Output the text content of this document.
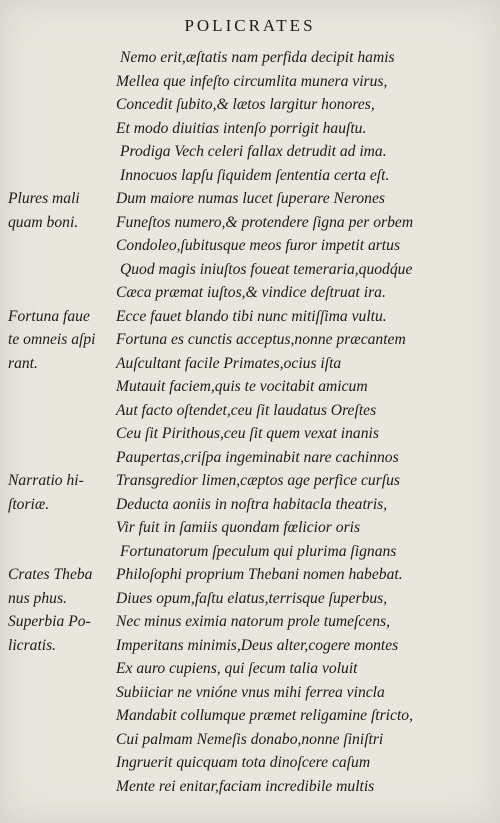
POLICRATES
Nemo erit,æſtatis nam perfida decipit hamis
Mellea que infeſto circumlita munera virus,
Concedit ſubito,& lætos largitur honores,
Et modo diuitias intenſo porrigit hauſtu.
Prodiga Vech celeri fallax detrudit ad ima.
Innocuos lapſu ſiquidem ſententia certa eſt.
Plures mali Dum maiore numas lucet ſuperare Nerones
quam boni. Funeſtos numero,& protendere ſigna per orbem
Condoleo,ſubitusque meos furor impetit artus
Quod magis iniuſtos foueat temeraria,quodq́ue
Cæca præmat iuſtos,& vindice deſtruat ira.
Fortuna faue Ecce fauet blando tibi nunc mitiſſima vultu.
te omneis aſpi Fortuna es cunctis acceptus,nonne præcantem
rant.	Auſcultant facile Primates,ocius iſta
Mutauit faciem,quis te vocitabit amicum
Aut facto oſtendet,ceu ſit laudatus Oreſtes
Ceu ſit Pirithous,ceu ſit quem vexat inanis
Paupertas,criſpa ingeminabit nare cachinnos
Narratio hi- Transgredior limen,cæptos age perfice curſus
ſtoriæ.	Deducta aoniis in noſtra habitacla theatris,
Vir fuit in ſamiis quondam fœlicior oris
Fortunatorum ſpeculum qui plurima ſignans
Crates Theba Philoſophi proprium Thebani nomen habebat.
nus phus.	Diues opum,faſtu elatus,terrisque ſuperbus,
Superbia Po- Nec minus eximia natorum prole tumeſcens,
licratis.	Imperitans minimis,Deus alter,cogere montes
Ex auro cupiens, qui ſecum talia voluit
Subiiciar ne vnióne vnus mihi ferrea vincla
Mandabit collumque præmet religamine ſtricto,
Cui palmam Nemeſis donabo,nonne ſiniſtri
Ingruerit quicquam tota dinoſcere caſum
Mente rei enitar,faciam incredibile multis
